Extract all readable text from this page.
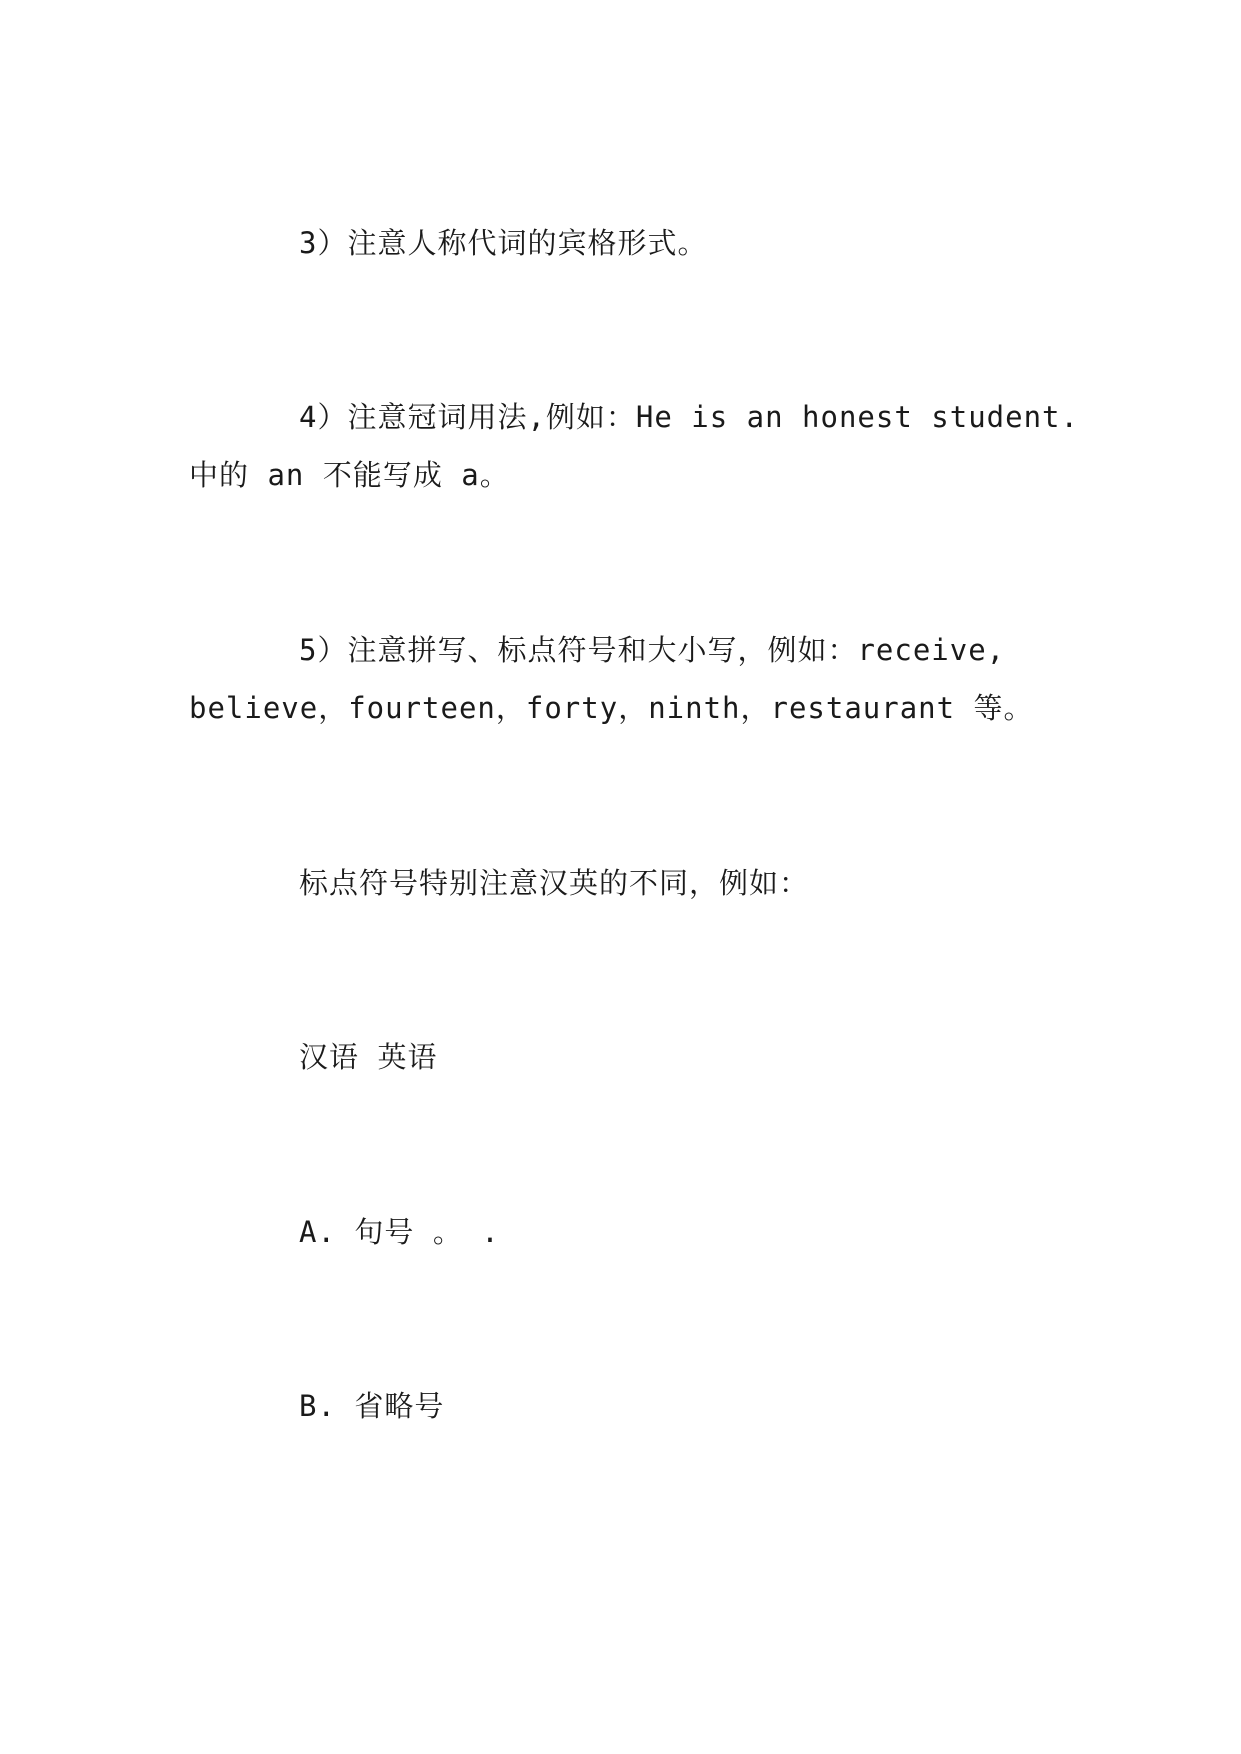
3）注意人称代词的宾格形式。

4）注意冠词用法,例如：He is an honest student.

中的 an 不能写成 a。

5）注意拼写、标点符号和大小写，例如：receive,

believe，fourteen，forty，ninth，restaurant 等。

标点符号特别注意汉英的不同，例如：

汉语 英语

A. 句号 。 .

B. 省略号
